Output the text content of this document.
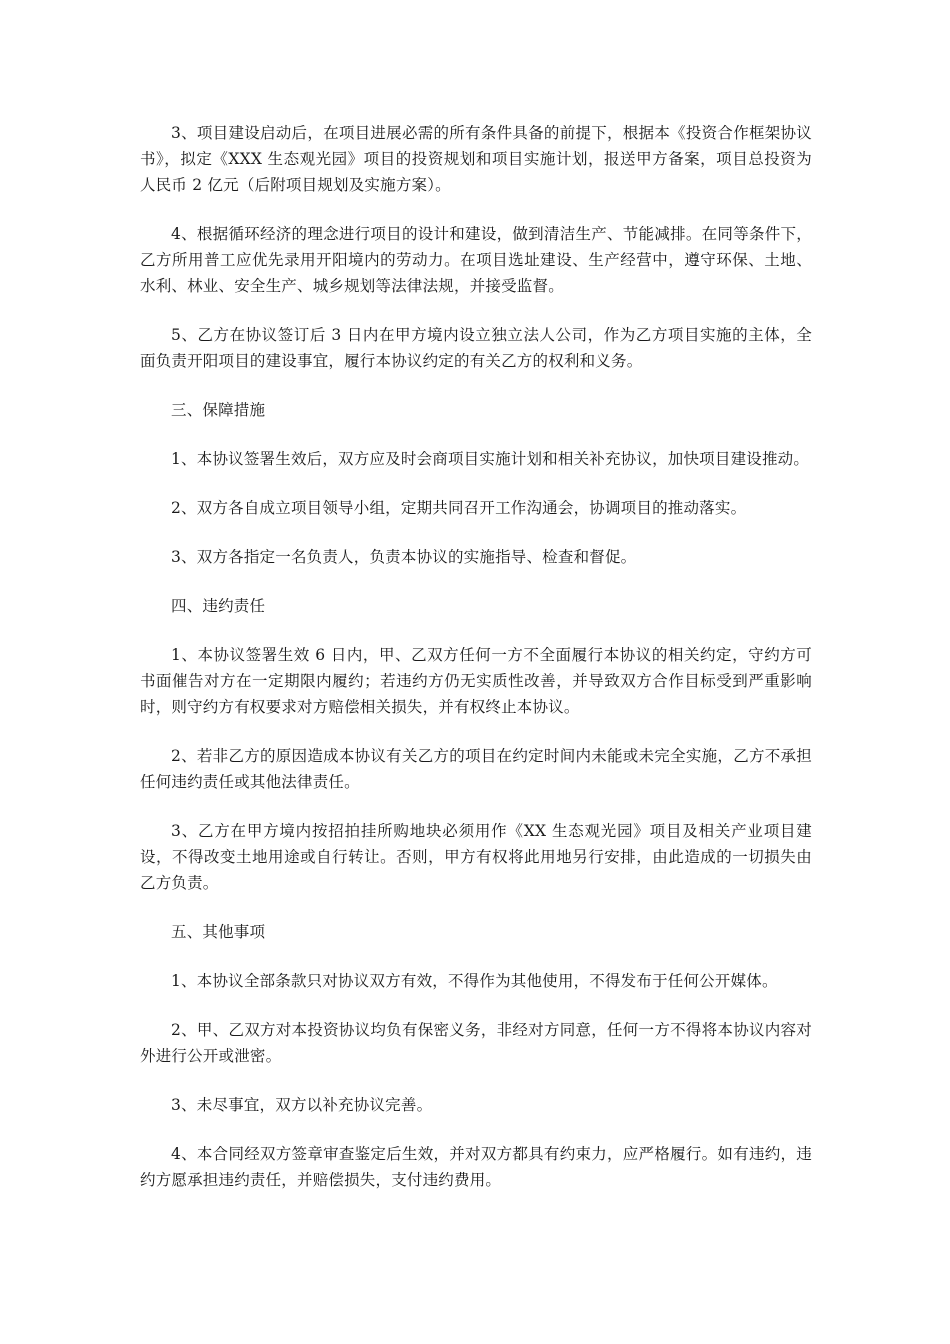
3、项目建设启动后，在项目进展必需的所有条件具备的前提下，根据本《投资合作框架协议书》，拟定《XXX 生态观光园》项目的投资规划和项目实施计划，报送甲方备案，项目总投资为人民币 2 亿元（后附项目规划及实施方案）。

4、根据循环经济的理念进行项目的设计和建设，做到清洁生产、节能减排。在同等条件下，乙方所用普工应优先录用开阳境内的劳动力。在项目选址建设、生产经营中，遵守环保、土地、水利、林业、安全生产、城乡规划等法律法规，并接受监督。

5、乙方在协议签订后 3 日内在甲方境内设立独立法人公司，作为乙方项目实施的主体，全面负责开阳项目的建设事宜，履行本协议约定的有关乙方的权利和义务。

三、保障措施

1、本协议签署生效后，双方应及时会商项目实施计划和相关补充协议，加快项目建设推动。

2、双方各自成立项目领导小组，定期共同召开工作沟通会，协调项目的推动落实。

3、双方各指定一名负责人，负责本协议的实施指导、检查和督促。

四、违约责任

1、本协议签署生效 6 日内，甲、乙双方任何一方不全面履行本协议的相关约定，守约方可书面催告对方在一定期限内履约；若违约方仍无实质性改善，并导致双方合作目标受到严重影响时，则守约方有权要求对方赔偿相关损失，并有权终止本协议。

2、若非乙方的原因造成本协议有关乙方的项目在约定时间内未能或未完全实施，乙方不承担任何违约责任或其他法律责任。

3、乙方在甲方境内按招拍挂所购地块必须用作《XX 生态观光园》项目及相关产业项目建设，不得改变土地用途或自行转让。否则，甲方有权将此用地另行安排，由此造成的一切损失由乙方负责。

五、其他事项

1、本协议全部条款只对协议双方有效，不得作为其他使用，不得发布于任何公开媒体。

2、甲、乙双方对本投资协议均负有保密义务，非经对方同意，任何一方不得将本协议内容对外进行公开或泄密。

3、未尽事宜，双方以补充协议完善。

4、本合同经双方签章审查鉴定后生效，并对双方都具有约束力，应严格履行。如有违约，违约方愿承担违约责任，并赔偿损失，支付违约费用。
